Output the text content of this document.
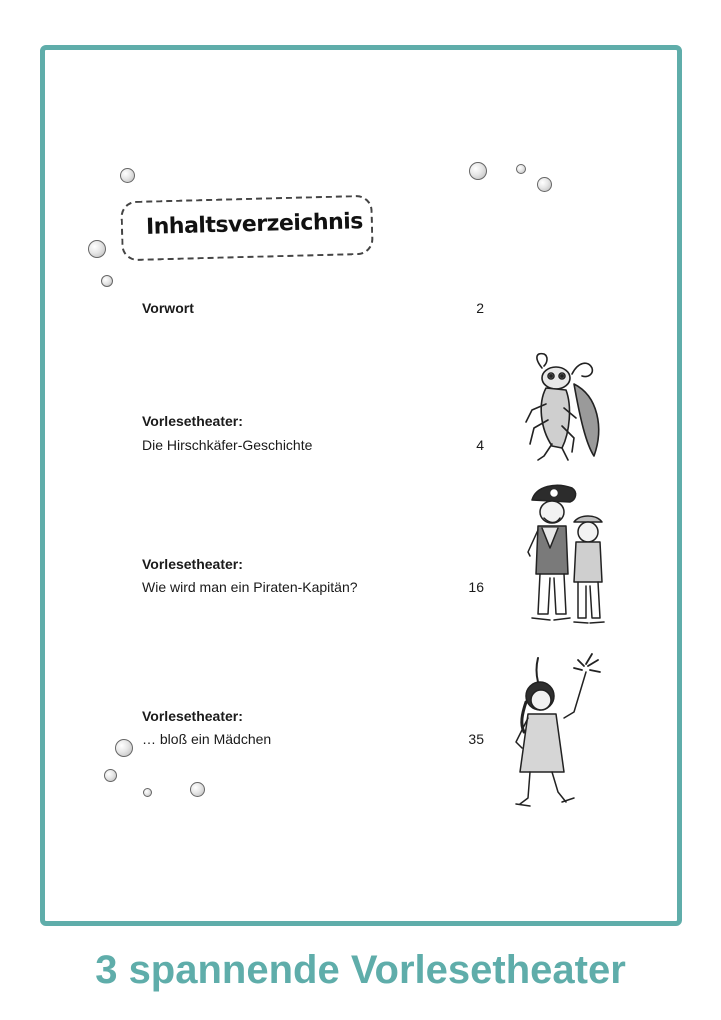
Inhaltsverzeichnis
Vorwort	2
Vorlesetheater:
Die Hirschkäfer-Geschichte	4
Vorlesetheater:
Wie wird man ein Piraten-Kapitän?	16
Vorlesetheater:
… bloß ein Mädchen	35
3 spannende Vorlesetheater
